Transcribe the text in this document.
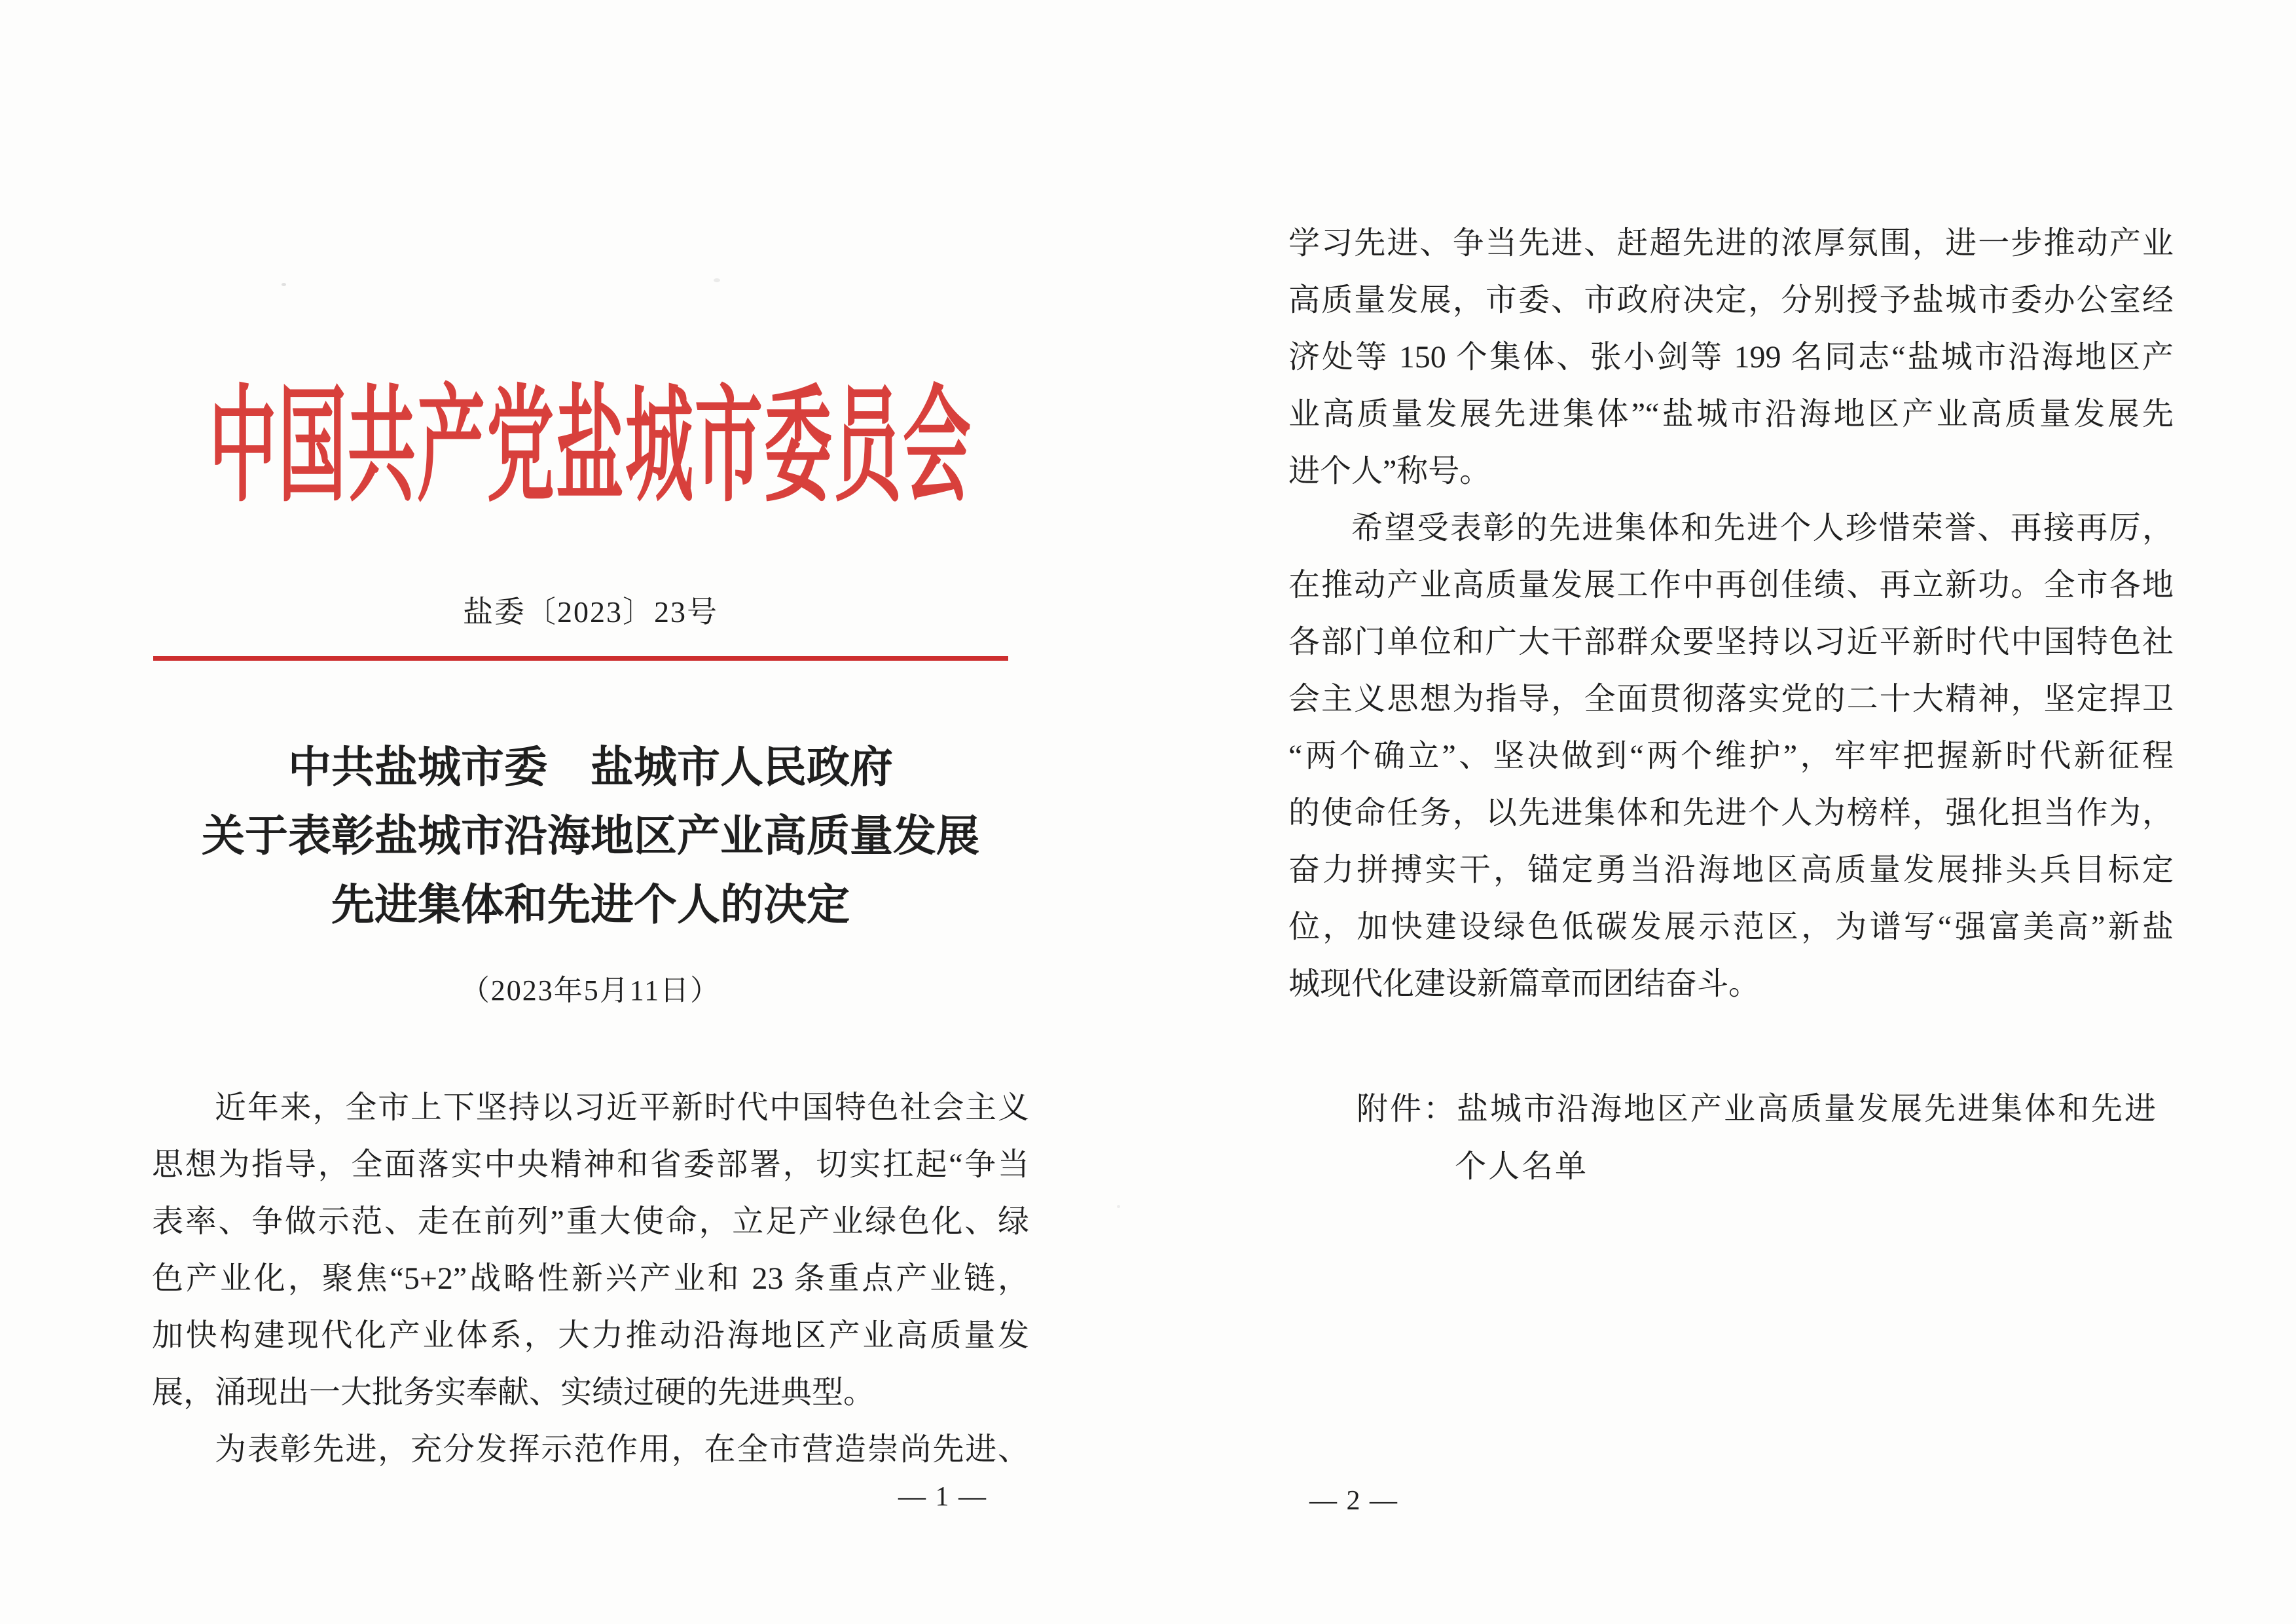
中国共产党盐城市委员会
盐委〔2023〕23号
中共盐城市委　盐城市人民政府
关于表彰盐城市沿海地区产业高质量发展
先进集体和先进个人的决定
（2023年5月11日）
近年来，全市上下坚持以习近平新时代中国特色社会主义
思想为指导，全面落实中央精神和省委部署，切实扛起“争当
表率、争做示范、走在前列”重大使命，立足产业绿色化、绿
色产业化，聚焦“5+2”战略性新兴产业和 23 条重点产业链，
加快构建现代化产业体系，大力推动沿海地区产业高质量发
展，涌现出一大批务实奉献、实绩过硬的先进典型。
为表彰先进，充分发挥示范作用，在全市营造崇尚先进、
— 1 —
学习先进、争当先进、赶超先进的浓厚氛围，进一步推动产业
高质量发展，市委、市政府决定，分别授予盐城市委办公室经
济处等 150 个集体、张小剑等 199 名同志“盐城市沿海地区产
业高质量发展先进集体”“盐城市沿海地区产业高质量发展先
进个人”称号。
希望受表彰的先进集体和先进个人珍惜荣誉、再接再厉，
在推动产业高质量发展工作中再创佳绩、再立新功。全市各地
各部门单位和广大干部群众要坚持以习近平新时代中国特色社
会主义思想为指导，全面贯彻落实党的二十大精神，坚定捍卫
“两个确立”、坚决做到“两个维护”，牢牢把握新时代新征程
的使命任务，以先进集体和先进个人为榜样，强化担当作为，
奋力拼搏实干，锚定勇当沿海地区高质量发展排头兵目标定
位，加快建设绿色低碳发展示范区，为谱写“强富美高”新盐
城现代化建设新篇章而团结奋斗。
附件：盐城市沿海地区产业高质量发展先进集体和先进
个人名单
— 2 —
